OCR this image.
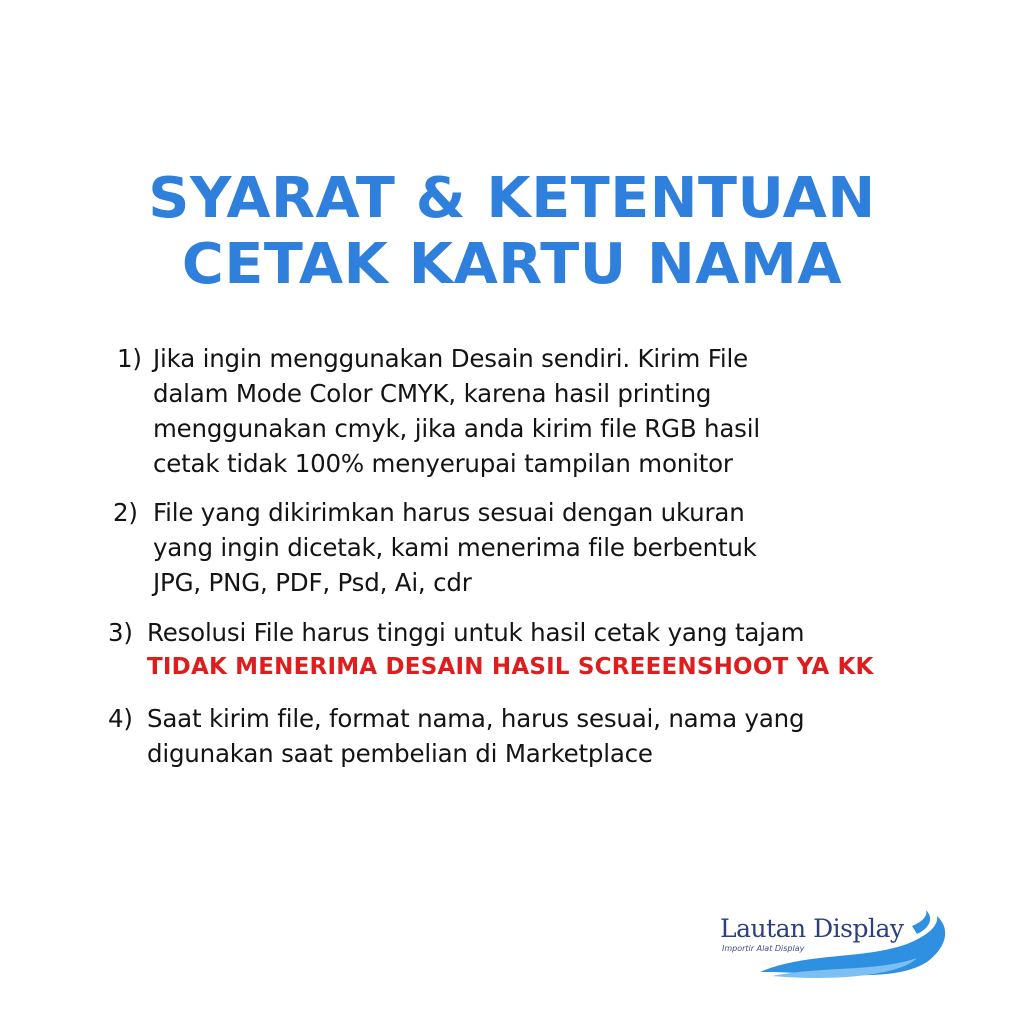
SYARAT & KETENTUAN
CETAK KARTU NAMA
1) Jika ingin menggunakan Desain sendiri. Kirim File
dalam Mode Color CMYK, karena hasil printing
menggunakan cmyk, jika anda kirim file RGB hasil
cetak tidak 100% menyerupai tampilan monitor
2) File yang dikirimkan harus sesuai dengan ukuran
yang ingin dicetak, kami menerima file berbentuk
JPG, PNG, PDF, Psd, Ai, cdr
3) Resolusi File harus tinggi untuk hasil cetak yang tajam
TIDAK MENERIMA DESAIN HASIL SCREEENSHOOT YA KK
4) Saat kirim file, format nama, harus sesuai, nama yang
digunakan saat pembelian di Marketplace
Lautan Display
Importir Alat Display
